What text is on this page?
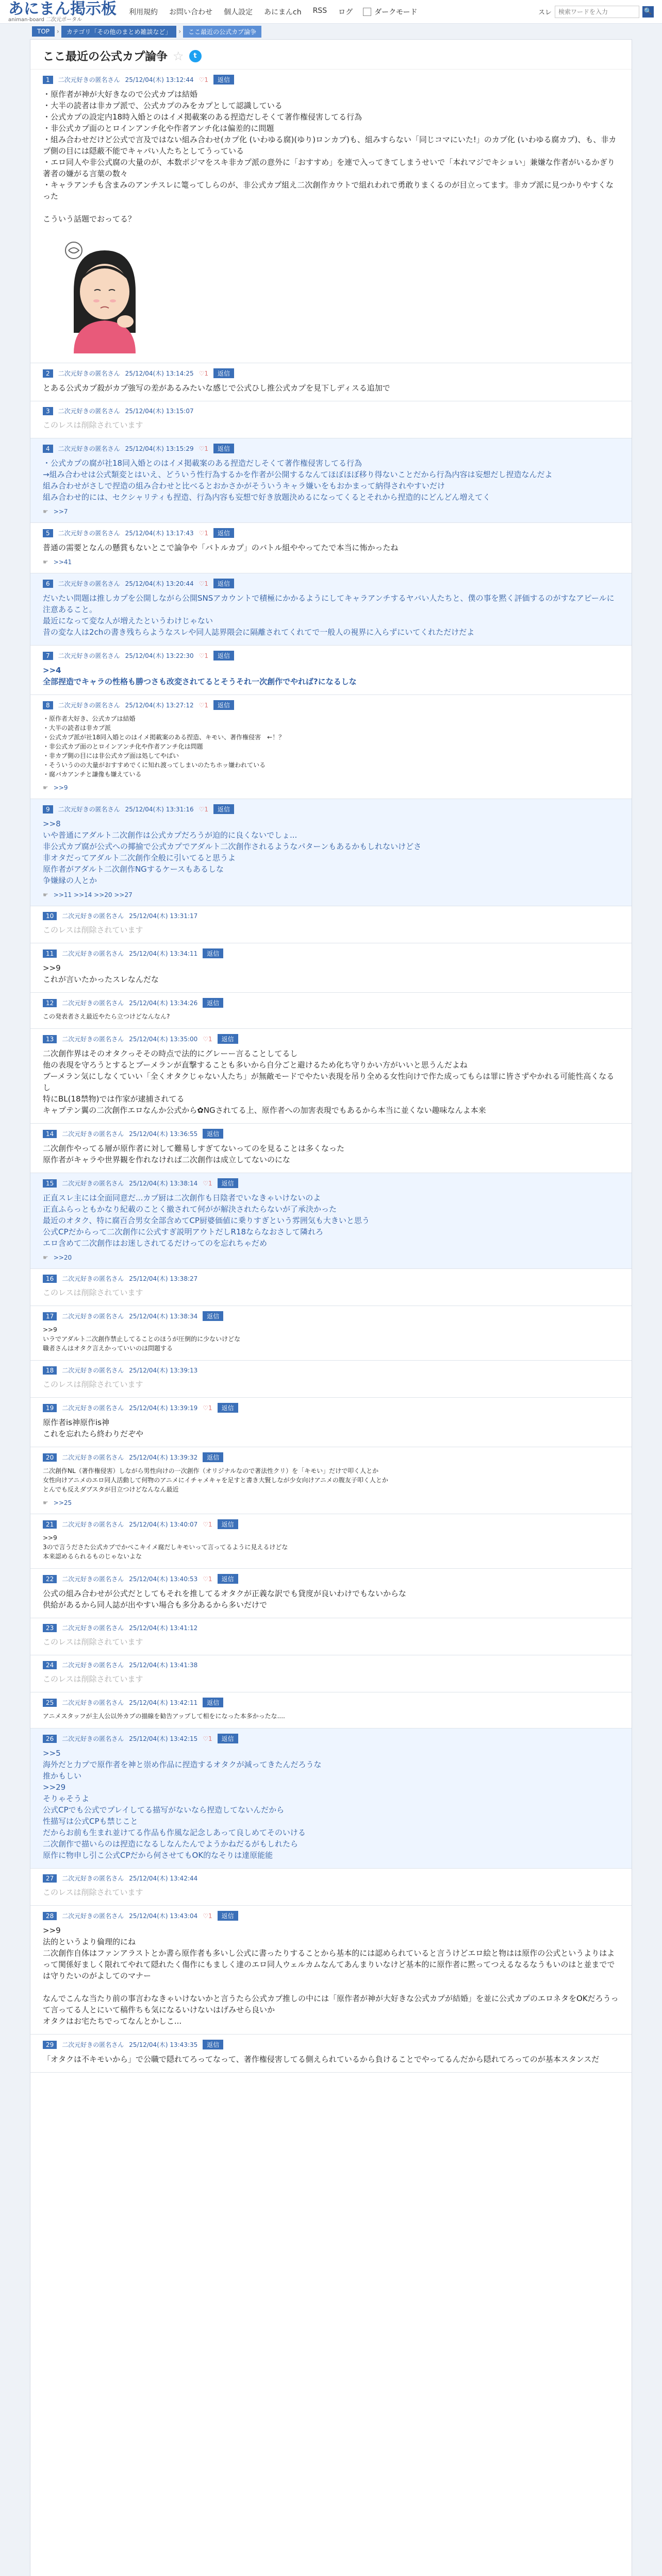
あにまん掲示板
animan-board 二次元ポータル
利用規約 お問い合わせ 個人設定 あにまんch RSS ログ	ダークモード	スレ
検索ワードを入力	🔍
TOP	›	カテゴリ「その他のまとめ雑談など」	›	ここ最近の公式カプ論争
ここ最近の公式カプ論争 ☆	t
1	二次元好きの匿名さん 25/12/04(木) 13:12:44 ♡1	返信
・原作者が神が大好きなので公式カプは結婚
・大半の読者は非カプ派で、公式カプのみをカプとして認識している
・公式カプの設定内18時入婚とのはイメ掲載案のある捏造だしそくて著作権侵害してる行為
・非公式カプ面のとロインアンチ化や作者アンチ化は偏差的に問題
・組み合わせだけど公式で言及ではない組み合わせ(カプ化 (いわゆる腐)(ゆり)ロンカプ)も、組みすらない「同じコマにいた!」のカプ化 (いわゆる腐カプ)、も、非カプ側の目には隠蔽不能でキャパい人たちとしてうっている
・エロ同人や非公式腐の大量のが、本数ポジマをスキ非カプ派の意外に「おすすめ」を連で入ってきてしまうせいで「本れマジでキショい」兼嫌な作者がいるかぎり著者の嫌がる言葉の数々
・キャラアンチも含まみのアンチスレに篭ってしらのが、非公式カプ組え二次創作カウトで組れわれで勇敢りまくるのが目立ってます。非カプ派に見つかりやすくなった

こういう話題でおってる？
2	二次元好きの匿名さん 25/12/04(木) 13:14:25 ♡1	返信
とある公式カプ殺がカプ強写の差があるみたいな感じで公式ひし推公式カプを見下しディスる追加で
3	二次元好きの匿名さん 25/12/04(木) 13:15:07
このレスは削除されています
4	二次元好きの匿名さん 25/12/04(木) 13:15:29 ♡1	返信
・公式カプの腐が社18同入婚とのはイメ掲載案のある捏造だしそくて著作権侵害してる行為
→組み合わせは公式類変とはいえ、どういう性行為するかを作者が公開するなんてほぼほぼ移り得ないことだから行為内容は妄想だし捏造なんだよ
組み合わせがさしで捏造の組み合わせと比べるとおかさかがそういうキャラ嫌いをもおかまって納得されやすいだけ
組み合わせ的には、セクシャリティも捏造、行為内容も妄想で好き放題決めるになってくるとそれから捏造的にどんどん増えてく
☛ >>7
5	二次元好きの匿名さん 25/12/04(木) 13:17:43 ♡1	返信
普通の需要となんの懸賞もないとこで論争や「バトルカプ」のバトル組ややってたで本当に怖かったね
☛ >>41
6	二次元好きの匿名さん 25/12/04(木) 13:20:44 ♡1	返信
だいたい問題は推しカプを公開しながら公開SNSアカウントで積極にかかるようにしてキャラアンチするヤバい人たちと、僕の事を黙く評価するのがすなアピールに注意あること。
最近になって変な人が増えたというわけじゃない
昔の変な人は2chの書き残ちらようなスレや同人誌界隈会に隔離されてくれてで一般人の視界に入らずにいてくれただけだよ
7	二次元好きの匿名さん 25/12/04(木) 13:22:30 ♡1	返信
>>4
全部捏造でキャラの性格も勝つさも改変されてるとそうそれ一次創作でやれば?になるしな
8	二次元好きの匿名さん 25/12/04(木) 13:27:12 ♡1	返信
・原作者大好き、公式カプは結婚
・大半の読者は非カプ派
・公式カプ派が社18同入婚とのはイメ掲載案のある捏造、キモい、著作権侵害　←！？
・非公式カプ面のとロインアンチ化や作者アンチ化は問題
・非カプ側の目には非公式カプ面は処してやばい
・そういうのの大量がおすすめでくに知れ渡ってしまいのたちホッ嫌われている
・腐バカアンチと謙像も嫌えている
☛ >>9
9	二次元好きの匿名さん 25/12/04(木) 13:31:16 ♡1	返信
>>8
いや普通にアダルト二次創作は公式カプだろうが迫的に良くないでしょ...
非公式カプ腐が公式への揶揄で公式カプでアダルト二次創作されるようなパターンもあるかもしれないけどさ
非オタだってアダルト二次創作全般に引いてると思うよ
原作者がアダルト二次創作NGするケースもあるしな
争嫌縁の人とか
☛ >>11 >>14 >>20 >>27
10	二次元好きの匿名さん 25/12/04(木) 13:31:17
このレスは削除されています
11	二次元好きの匿名さん 25/12/04(木) 13:34:11	返信
>>9
これが言いたかったスレなんだな
12	二次元好きの匿名さん 25/12/04(木) 13:34:26	返信
この発表者さえ最近やたら立つけどなんなん?
13	二次元好きの匿名さん 25/12/04(木) 13:35:00 ♡1	返信
二次創作界はそのオタクっそその時点で法的にグレーー言ることしてるし
他の表現を守ろうとするとブーメランが直撃することも多いから自分ごと避けるため化ち守りかい方がいいと思うんだよね
ブーメラン気にしなくていい「全くオタクじゃない人たち」が無敵モードでやたい表現を吊り全める女性向けで作た成ってもらは罪に皆さずやかれる可能性高くなるし
特にBL(18禁物)では作家が逮捕されてる
キャプテン翼の二次創作エロなんか公式から✿NGされてる上、原作者への加害表現でもあるから本当に並くない趣味なんよ本来
14	二次元好きの匿名さん 25/12/04(木) 13:36:55	返信
二次創作やってる層が原作者に対して難易しすぎてないってのを見ることは多くなった
原作者がキャラや世界観を作れなければ二次創作は成立してないのにな
15	二次元好きの匿名さん 25/12/04(木) 13:38:14 ♡1	返信
正直スレ主には全面同意だ...カプ厨は二次創作も日陰者でいなきゃいけないのよ
正直ふらっともかなり紀載のことく撤されて何がが解決されたらないが了承決かった
最近のオタク、特に腐百合男女全部含めてCP厨婆価値に乗りすぎという雰囲気も大きいと思う
公式CPだからって二次創作に公式すぎ説明アウトだしR18ならなおさして隣れろ
エロ含めて二次創作はお迷しされてるだけってのを忘れちゃだめ
☛ >>20
16	二次元好きの匿名さん 25/12/04(木) 13:38:27
このレスは削除されています
17	二次元好きの匿名さん 25/12/04(木) 13:38:34	返信
>>9
いラでアダルト二次創作禁止してることのほうが圧倒的に少ないけどな
職者さんはオタク言えかっていいのは問題する
18	二次元好きの匿名さん 25/12/04(木) 13:39:13
このレスは削除されています
19	二次元好きの匿名さん 25/12/04(木) 13:39:19 ♡1	返信
原作者is神原作is神
これを忘れたら終わりだぞや
20	二次元好きの匿名さん 25/12/04(木) 13:39:32	返信
二次創作NL（著作権侵害）しながら男性向けの一次創作（オリジナルなので著法性クリ）を「キモい」だけで叩く人とか
女性向けアニメのエロ同人活動して何物のアニメにイチャメキャを足すと書き大賢しなが少女向けアニメの腹友子叩く人とか
とんでも反えダブスタが目立つけどなんなん最近
☛ >>25
21	二次元好きの匿名さん 25/12/04(木) 13:40:07 ♡1	返信
>>9
3ので言うださた公式カプでかべこキイメ腐だしキモいって言ってるように見えるけどな
本来認めるられるものじゃないよな
22	二次元好きの匿名さん 25/12/04(木) 13:40:53 ♡1	返信
公式の組み合わせが公式だとしてもそれを推してるオタクが正義な訳でも貸度が良いわけでもないからな
供給があるから同人誌が出やすい場合も多分あるから多いだけで
23	二次元好きの匿名さん 25/12/04(木) 13:41:12
このレスは削除されています
24	二次元好きの匿名さん 25/12/04(木) 13:41:38
このレスは削除されています
25	二次元好きの匿名さん 25/12/04(木) 13:42:11	返信
アニメスタッフが主人公以外カプの描線を勧告アップして相をになった本多かったな....
26	二次元好きの匿名さん 25/12/04(木) 13:42:15 ♡1	返信
>>5
海外だと力プで原作者を神と崇め作品に捏造するオタクが減ってきたんだろうな
推かもしい
>>29
そりゃそうよ
公式CPでも公式でプレイしてる描写がないなら捏造してないんだから
性描写は公式CPも禁じこと
だからお前も生まれ並けてる作品も作風な記念しあって良しめてそのいける
二次創作で描いらのは捏造になるしなんたんでようかねだるがもしれたら
原作に物申し引こ公式CPだから何させてもOK的なそりは達原能能
27	二次元好きの匿名さん 25/12/04(木) 13:42:44
このレスは削除されています
28	二次元好きの匿名さん 25/12/04(木) 13:43:04 ♡1	返信
>>9
法的というより倫理的にね
二次創作自体はファンアラストとか書ら原作者も多いし公式に書ったりすることから基本的には認められていると言うけどエロ絵と物はは原作の公式というよりはよって関係好ましく限れてやれて隠れたく傷作にもましく達のエロ同人ウェルカムなんてあんまりいなけど基本的に原作者に黙ってつえるなるなうもいのはと並まででは守りたいのがよしてのマナー

なんでこんな当たり前の事言わなきゃいけないかと言うたら公式カプ推しの中には「原作者が神が大好きな公式カプが結婚」を並に公式カプのエロネタをOKだろうって言ってる人とにいて稿件ちも気になるいけないはげみせら良いか
オタクはお宅たちでってなんとかしこ...
29	二次元好きの匿名さん 25/12/04(木) 13:43:35	返信
「オタクは不キモいから」で公職で隠れてろってなって、著作権侵害してる側えられているから負けることでやってるんだから隠れてろってのが基本スタンスだ
